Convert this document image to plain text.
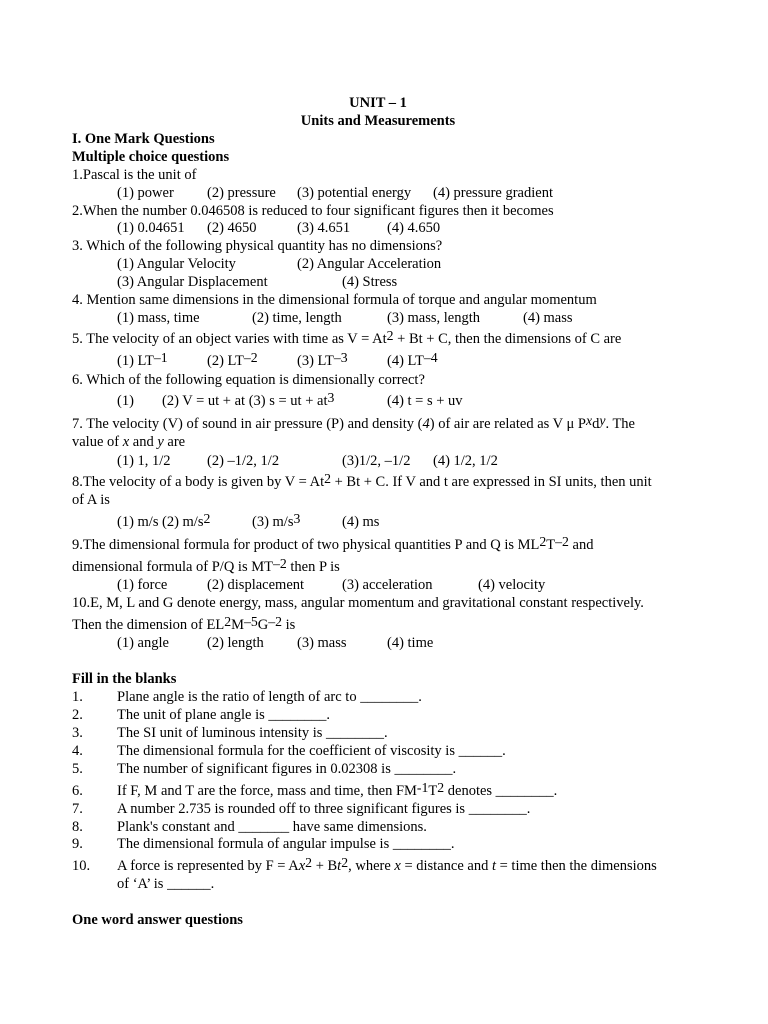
UNIT – 1
Units and Measurements
I. One Mark Questions
Multiple choice questions
1.Pascal is the unit of
(1) power (2) pressure (3) potential energy (4) pressure gradient
2.When the number 0.046508 is reduced to four significant figures then it becomes
(1) 0.04651 (2) 4650	(3) 4.651	(4) 4.650
3. Which of the following physical quantity has no dimensions?
(1) Angular Velocity	(2) Angular Acceleration
(3) Angular Displacement	(4) Stress
4. Mention same dimensions in the dimensional formula of torque and angular momentum
(1) mass, time	(2) time, length	(3) mass, length	(4) mass
5. The velocity of an object varies with time as $V = At^2 + Bt + C$, then the dimensions of C are
(1) $LT^{-1}$	(2) $LT^{-2}$	(3) $LT^{-3}$	(4) $LT^{-4}$
6. Which of the following equation is dimensionally correct?
(1) (2) V = ut + at (3) s = ut + $at^3$	(4) t = s + uv
7. The velocity (V) of sound in air pressure (P) and density (4) of air are related as V μ $P^xd^y$. The
value of x and y are
(1) 1, 1/2	(2) –1/2, 1/2	(3)1/2, –1/2 (4) 1/2, 1/2
8.The velocity of a body is given by $V = At^2 + Bt + C$. If V and t are expressed in SI units, then unit
of A is
(1) m/s (2) $m/s^2$	(3) $m/s^3$	(4) ms
9.The dimensional formula for product of two physical quantities P and Q is $ML^2T^{-2}$ and
dimensional formula of P/Q is $MT^{-2}$ then P is
(1) force	(2) displacement	(3) acceleration	(4) velocity
10.E, M, L and G denote energy, mass, angular momentum and gravitational constant respectively.
Then the dimension of $EL^2M^{-5}G^{-2}$ is
(1) angle	(2) length (3) mass	(4) time
Fill in the blanks
1. Plane angle is the ratio of length of arc to ________.
2. The unit of plane angle is ________.
3. The SI unit of luminous intensity is ________.
4. The dimensional formula for the coefficient of viscosity is ______.
5. The number of significant figures in 0.02308 is ________.
6. If F, M and T are the force, mass and time, then $FM^{-1}T^2$ denotes ________.
7. A number 2.735 is rounded off to three significant figures is ________.
8. Plank's constant and _______ have same dimensions.
9. The dimensional formula of angular impulse is ________.
10. A force is represented by $F = Ax^2 + Bt^2$, where x = distance and t = time then the dimensions
of ‘A’ is ______.
One word answer questions
